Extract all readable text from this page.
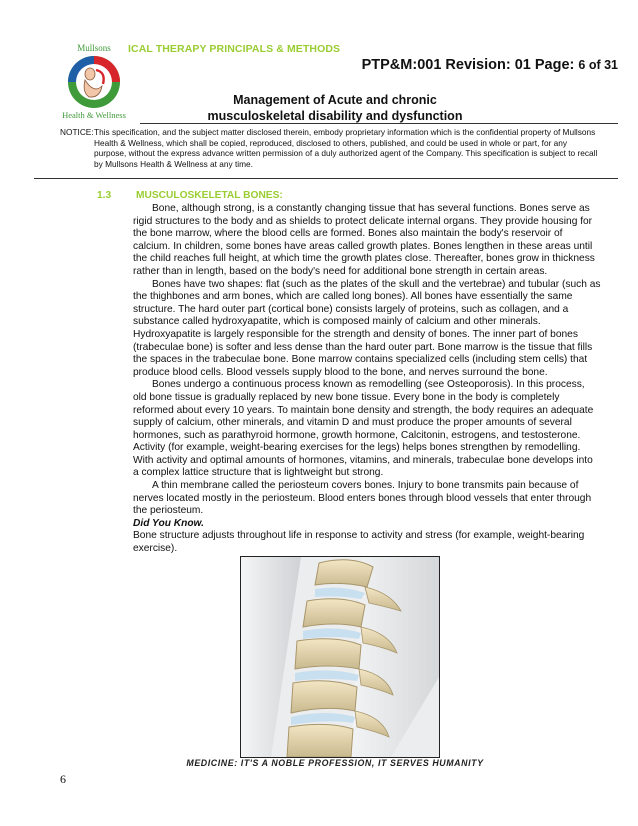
Mullsons
Health & Wellness
ICAL THERAPY PRINCIPALS & METHODS
PTP&M:001 Revision: 01 Page: 6 of 31
Management of Acute and chronic
musculoskeletal disability and dysfunction
NOTICE: This specification, and the subject matter disclosed therein, embody proprietary information which is the confidential property of Mullsons Health & Wellness, which shall be copied, reproduced, disclosed to others, published, and could be used in whole or part, for any purpose, without the express advance written permission of a duly authorized agent of the Company. This specification is subject to recall by Mullsons Health & Wellness at any time.
1.3 MUSCULOSKELETAL BONES:

Bone, although strong, is a constantly changing tissue that has several functions. Bones serve as rigid structures to the body and as shields to protect delicate internal organs. They provide housing for the bone marrow, where the blood cells are formed. Bones also maintain the body's reservoir of calcium. In children, some bones have areas called growth plates. Bones lengthen in these areas until the child reaches full height, at which time the growth plates close. Thereafter, bones grow in thickness rather than in length, based on the body's need for additional bone strength in certain areas.

Bones have two shapes: flat (such as the plates of the skull and the vertebrae) and tubular (such as the thighbones and arm bones, which are called long bones). All bones have essentially the same structure. The hard outer part (cortical bone) consists largely of proteins, such as collagen, and a substance called hydroxyapatite, which is composed mainly of calcium and other minerals. Hydroxyapatite is largely responsible for the strength and density of bones. The inner part of bones (trabeculae bone) is softer and less dense than the hard outer part. Bone marrow is the tissue that fills the spaces in the trabeculae bone. Bone marrow contains specialized cells (including stem cells) that produce blood cells. Blood vessels supply blood to the bone, and nerves surround the bone.

Bones undergo a continuous process known as remodelling (see Osteoporosis). In this process, old bone tissue is gradually replaced by new bone tissue. Every bone in the body is completely reformed about every 10 years. To maintain bone density and strength, the body requires an adequate supply of calcium, other minerals, and vitamin D and must produce the proper amounts of several hormones, such as parathyroid hormone, growth hormone, Calcitonin, estrogens, and testosterone. Activity (for example, weight-bearing exercises for the legs) helps bones strengthen by remodelling. With activity and optimal amounts of hormones, vitamins, and minerals, trabeculae bone develops into a complex lattice structure that is lightweight but strong.

A thin membrane called the periosteum covers bones. Injury to bone transmits pain because of nerves located mostly in the periosteum. Blood enters bones through blood vessels that enter through the periosteum.

Did You Know.

Bone structure adjusts throughout life in response to activity and stress (for example, weight-bearing exercise).

MEDICINE: IT'S A NOBLE PROFESSION, IT SERVES HUMANITY
6
